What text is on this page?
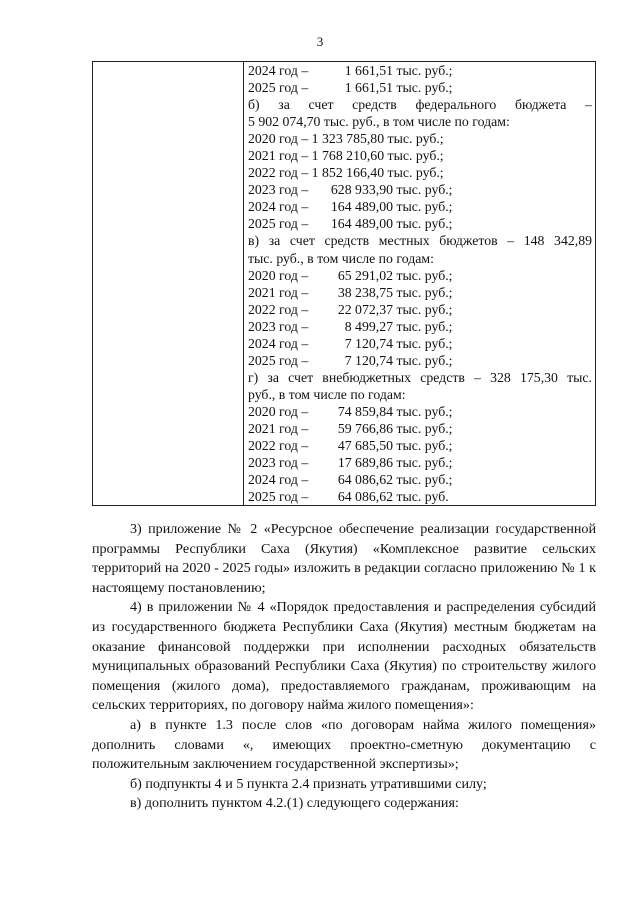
3

2024 год –	1 661,51 тыс. руб.;
2025 год –	1 661,51 тыс. руб.;
б) за счет средств федерального бюджета –
5 902 074,70 тыс. руб., в том числе по годам:
2020 год – 1 323 785,80 тыс. руб.;
2021 год – 1 768 210,60 тыс. руб.;
2022 год – 1 852 166,40 тыс. руб.;
2023 год – 628 933,90 тыс. руб.;
2024 год – 164 489,00 тыс. руб.;
2025 год – 164 489,00 тыс. руб.;
в) за счет средств местных бюджетов – 148 342,89
тыс. руб., в том числе по годам:
2020 год – 65 291,02 тыс. руб.;
2021 год – 38 238,75 тыс. руб.;
2022 год – 22 072,37 тыс. руб.;
2023 год –	8 499,27 тыс. руб.;
2024 год –	7 120,74 тыс. руб.;
2025 год –	7 120,74 тыс. руб.;
г) за счет внебюджетных средств – 328 175,30 тыс.
руб., в том числе по годам:
2020 год – 74 859,84 тыс. руб.;
2021 год – 59 766,86 тыс. руб.;
2022 год – 47 685,50 тыс. руб.;
2023 год – 17 689,86 тыс. руб.;
2024 год – 64 086,62 тыс. руб.;
2025 год – 64 086,62 тыс. руб.

3) приложение № 2 «Ресурсное обеспечение реализации государственной программы Республики Саха (Якутия) «Комплексное развитие сельских территорий на 2020 - 2025 годы» изложить в редакции согласно приложению № 1 к настоящему постановлению;

4) в приложении № 4 «Порядок предоставления и распределения субсидий из государственного бюджета Республики Саха (Якутия) местным бюджетам на оказание финансовой поддержки при исполнении расходных обязательств муниципальных образований Республики Саха (Якутия) по строительству жилого помещения (жилого дома), предоставляемого гражданам, проживающим на сельских территориях, по договору найма жилого помещения»:

а) в пункте 1.3 после слов «по договорам найма жилого помещения» дополнить словами «, имеющих проектно-сметную документацию с положительным заключением государственной экспертизы»;

б) подпункты 4 и 5 пункта 2.4 признать утратившими силу;

в) дополнить пунктом 4.2.(1) следующего содержания:
